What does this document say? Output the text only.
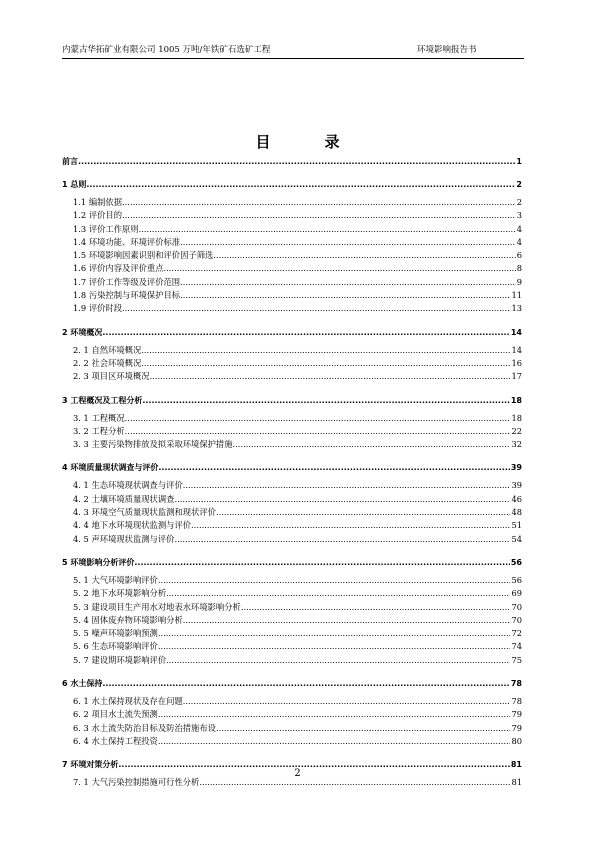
内蒙古华拓矿业有限公司 1005 万吨/年铁矿石选矿工程	环境影响报告书
目录
前言 .....	1
1 总则 .....	2
1.1 编制依据 .....	2
1.2 评价目的 .....	3
1.3 评价工作原则 .....	4
1.4 环境功能、环境评价标准 .....	4
1.5 环境影响因素识别和评价因子筛选 .....	6
1.6 评价内容及评价重点 .....	8
1.7 评价工作等级及评价范围 .....	9
1.8 污染控制与环境保护目标 .....	11
1.9 评价时段 .....	13
2 环境概况 .....	14
2. 1 自然环境概况 .....	14
2. 2 社会环境概况 .....	16
2. 3 项目区环境概况 .....	17
3 工程概况及工程分析 .....	18
3. 1 工程概况 .....	18
3. 2 工程分析 .....	22
3. 3 主要污染物排放及拟采取环境保护措施 .....	32
4 环境质量现状调查与评价 .....	39
4. 1 生态环境现状调查与评价 .....	39
4. 2 土壤环境质量现状调查 .....	46
4. 3 环境空气质量现状监测和现状评价 .....	48
4. 4 地下水环境现状监测与评价 .....	51
4. 5 声环境现状监测与评价 .....	54
5 环境影响分析评价 .....	56
5. 1 大气环境影响评价 .....	56
5. 2 地下水环境影响分析 .....	69
5. 3 建设项目生产用水对地表水环境影响分析 .....	70
5. 4 固体废弃物环境影响分析 .....	70
5. 5 噪声环境影响预测 .....	72
5. 6 生态环境影响评价 .....	74
5. 7 建设期环境影响评价 .....	75
6 水土保持 .....	78
6. 1 水土保持现状及存在问题 .....	78
6. 2 项目水土流失预测 .....	79
6. 3 水土流失防治目标及防治措施布设 .....	79
6. 4 水土保持工程投资 .....	80
7 环境对策分析 .....	81
7. 1 大气污染控制措施可行性分析 .....	81
2
